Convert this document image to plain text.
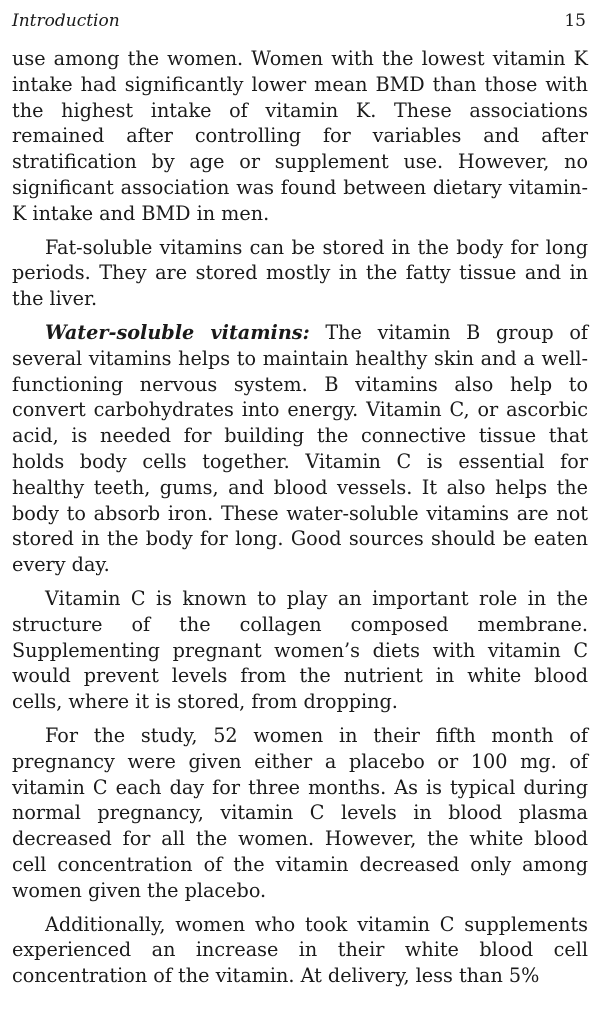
Introduction	15

use among the women. Women with the lowest vitamin K intake had significantly lower mean BMD than those with the highest intake of vitamin K. These associations remained after controlling for variables and after stratification by age or supplement use. However, no significant association was found between dietary vitamin-K intake and BMD in men.

Fat-soluble vitamins can be stored in the body for long periods. They are stored mostly in the fatty tissue and in the liver.

Water-soluble vitamins: The vitamin B group of several vitamins helps to maintain healthy skin and a well-functioning nervous system. B vitamins also help to convert carbohydrates into energy. Vitamin C, or ascorbic acid, is needed for building the connective tissue that holds body cells together. Vitamin C is essential for healthy teeth, gums, and blood vessels. It also helps the body to absorb iron. These water-soluble vitamins are not stored in the body for long. Good sources should be eaten every day.

Vitamin C is known to play an important role in the structure of the collagen composed membrane. Supplementing pregnant women’s diets with vitamin C would prevent levels from the nutrient in white blood cells, where it is stored, from dropping.

For the study, 52 women in their fifth month of pregnancy were given either a placebo or 100 mg. of vitamin C each day for three months. As is typical during normal pregnancy, vitamin C levels in blood plasma decreased for all the women. However, the white blood cell concentration of the vitamin decreased only among women given the placebo.

Additionally, women who took vitamin C supplements experienced an increase in their white blood cell concentration of the vitamin. At delivery, less than 5%
